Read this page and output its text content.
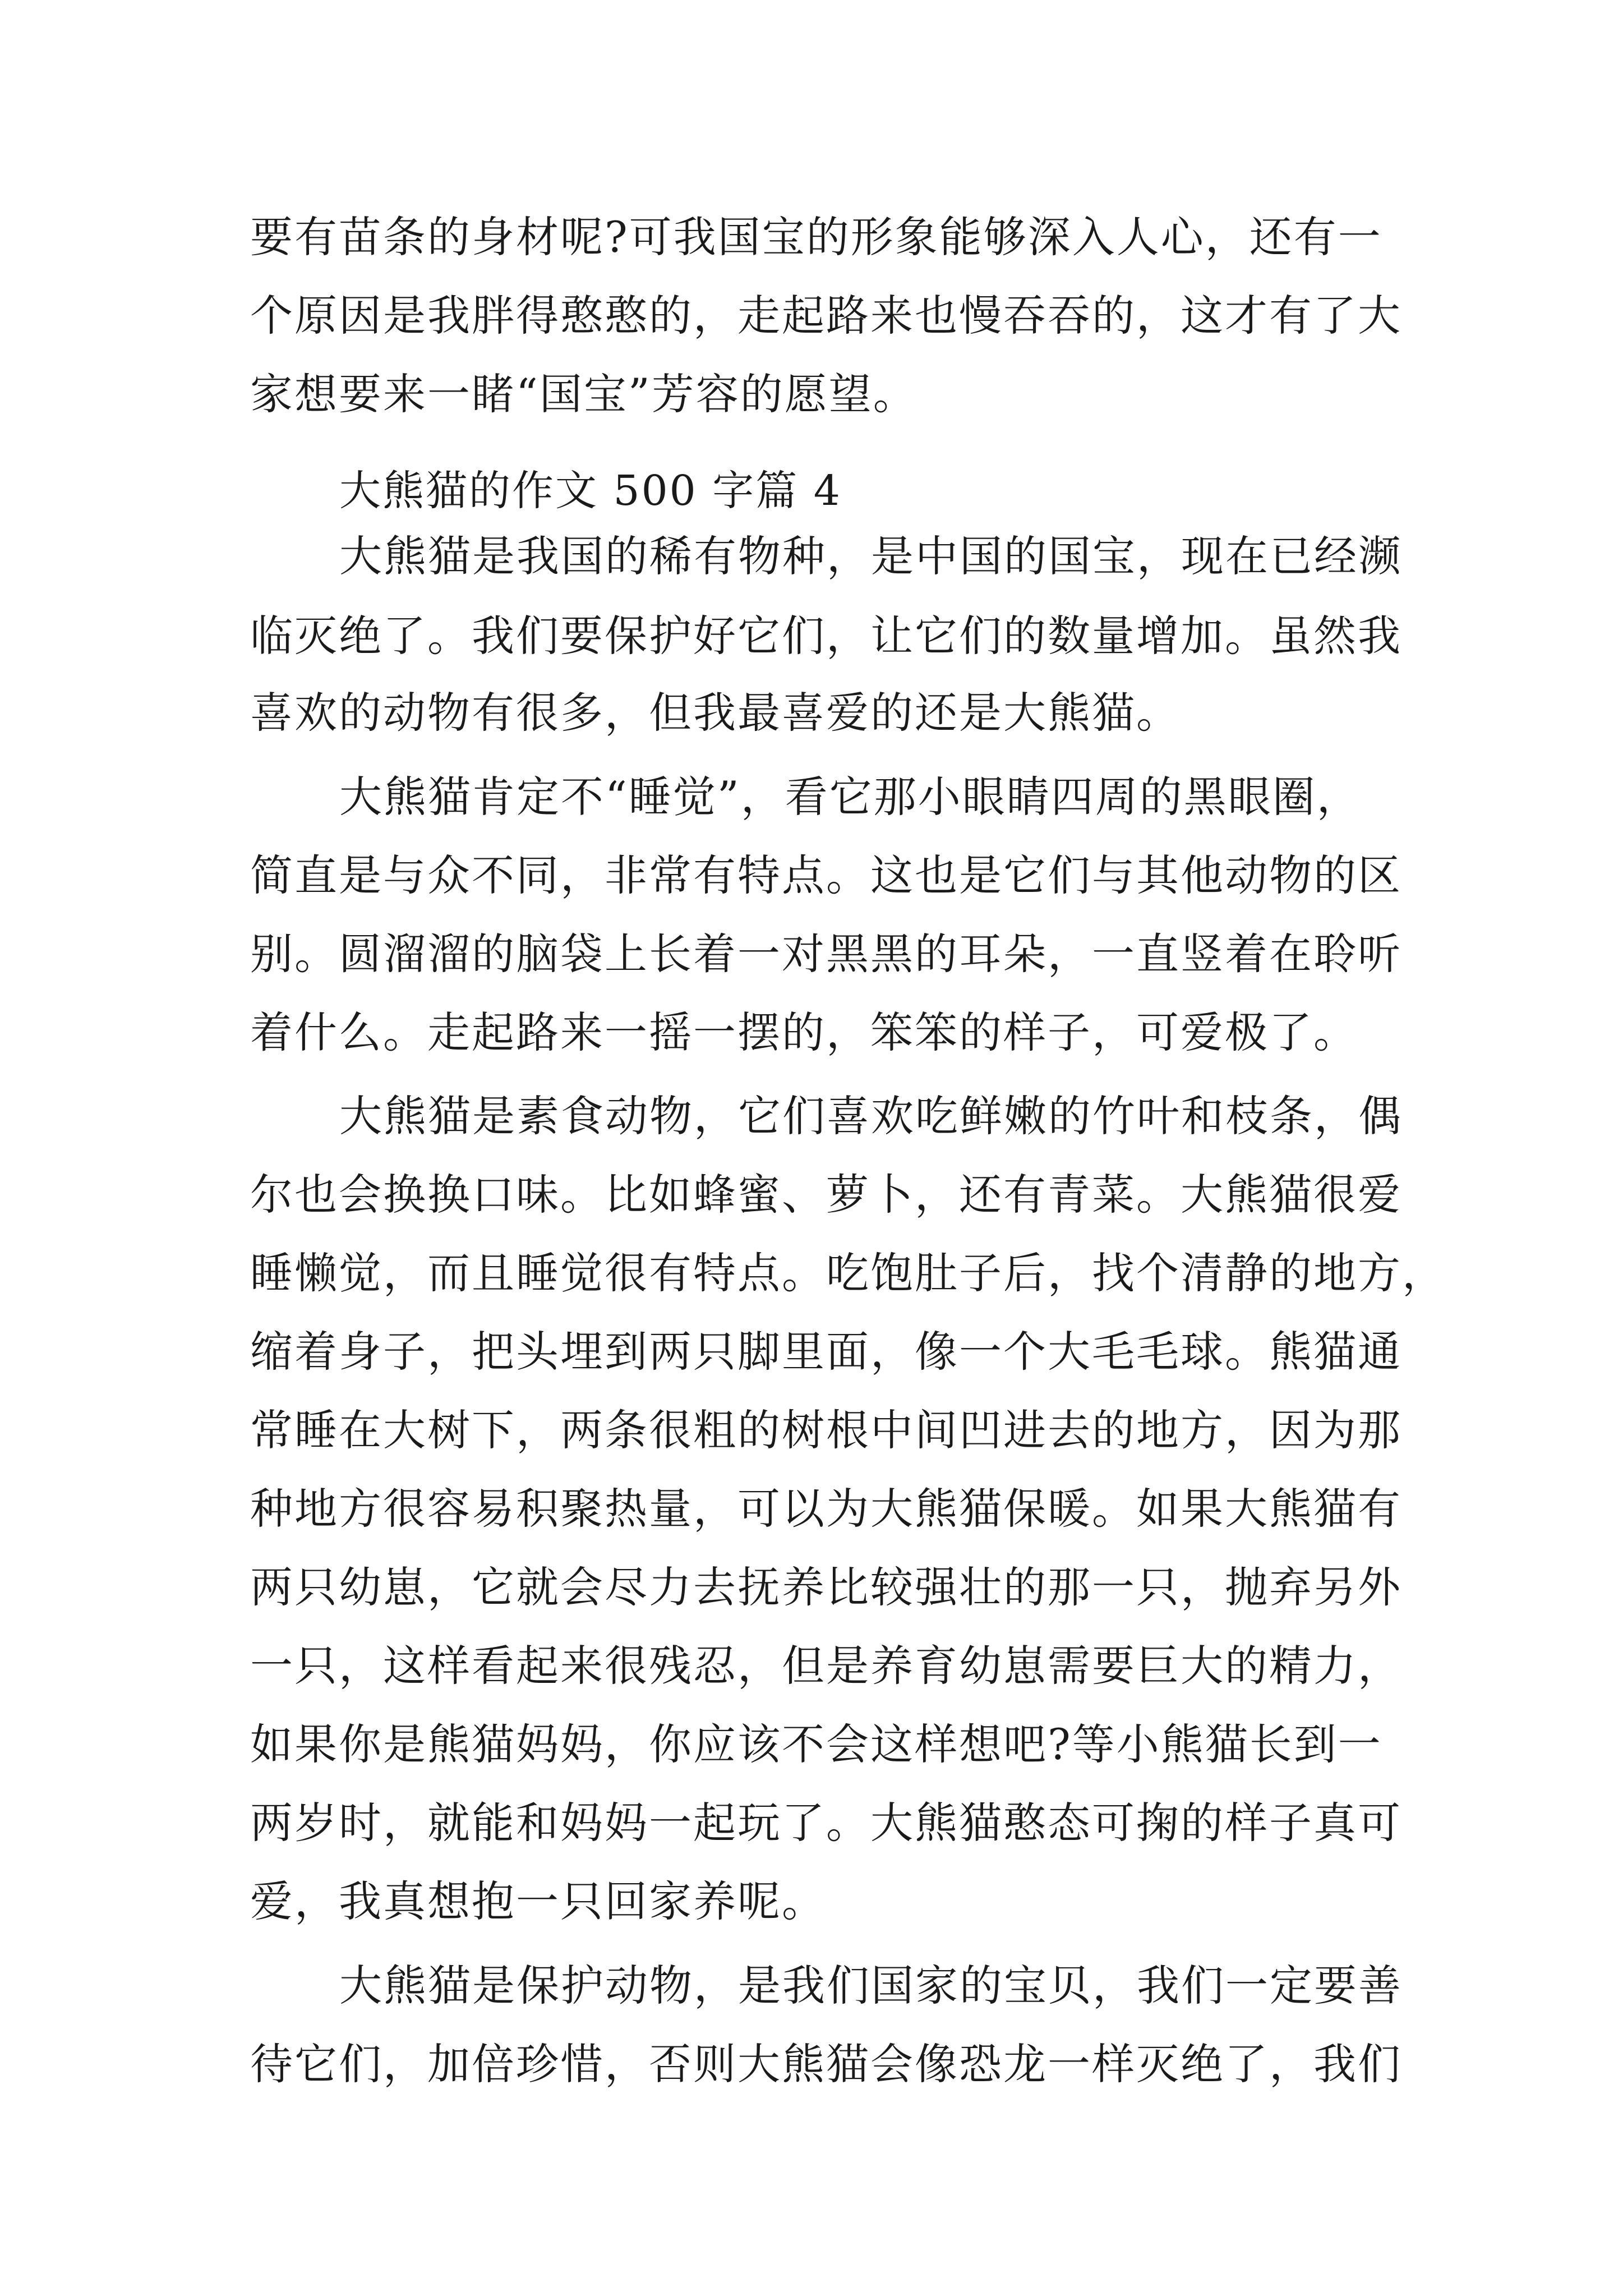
要有苗条的身材呢?可我国宝的形象能够深入人心，还有一
个原因是我胖得憨憨的，走起路来也慢吞吞的，这才有了大
家想要来一睹“国宝”芳容的愿望。
大熊猫的作文 500 字篇 4
大熊猫是我国的稀有物种，是中国的国宝，现在已经濒
临灭绝了。我们要保护好它们，让它们的数量增加。虽然我
喜欢的动物有很多，但我最喜爱的还是大熊猫。
大熊猫肯定不“睡觉”，看它那小眼睛四周的黑眼圈，
简直是与众不同，非常有特点。这也是它们与其他动物的区
别。圆溜溜的脑袋上长着一对黑黑的耳朵，一直竖着在聆听
着什么。走起路来一摇一摆的，笨笨的样子，可爱极了。
大熊猫是素食动物，它们喜欢吃鲜嫩的竹叶和枝条，偶
尔也会换换口味。比如蜂蜜、萝卜，还有青菜。大熊猫很爱
睡懒觉，而且睡觉很有特点。吃饱肚子后，找个清静的地方，
缩着身子，把头埋到两只脚里面，像一个大毛毛球。熊猫通
常睡在大树下，两条很粗的树根中间凹进去的地方，因为那
种地方很容易积聚热量，可以为大熊猫保暖。如果大熊猫有
两只幼崽，它就会尽力去抚养比较强壮的那一只，抛弃另外
一只，这样看起来很残忍，但是养育幼崽需要巨大的精力，
如果你是熊猫妈妈，你应该不会这样想吧?等小熊猫长到一
两岁时，就能和妈妈一起玩了。大熊猫憨态可掬的样子真可
爱，我真想抱一只回家养呢。
大熊猫是保护动物，是我们国家的宝贝，我们一定要善
待它们，加倍珍惜，否则大熊猫会像恐龙一样灭绝了，我们
